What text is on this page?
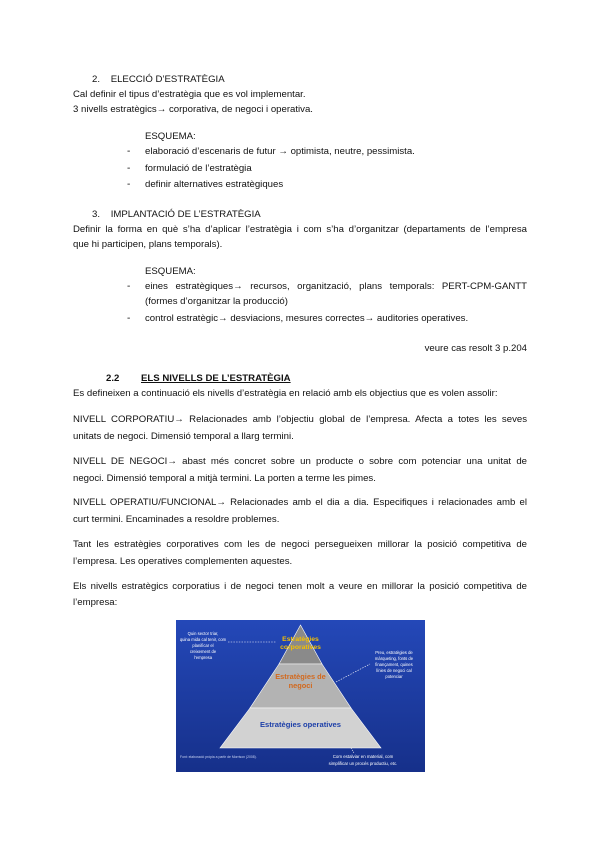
2. ELECCIÓ D’ESTRATÈGIA
Cal definir el tipus d’estratègia que es vol implementar.
3 nivells estratègics→ corporativa, de negoci i operativa.
ESQUEMA:
- elaboració d’escenaris de futur → optimista, neutre, pessimista.
- formulació de l’estratègia
- definir alternatives estratègiques
3. IMPLANTACIÓ DE L’ESTRATÈGIA
Definir la forma en què s’ha d’aplicar l’estratègia i com s’ha d’organitzar (departaments de l’empresa
que hi participen, plans temporals).
ESQUEMA:
- eines estratègiques→ recursos, organització, plans temporals: PERT-CPM-GANTT
(formes d’organitzar la producció)
- control estratègic→ desviacions, mesures correctes→ auditories operatives.
veure cas resolt 3 p.204
2.2 ELS NIVELLS DE L’ESTRATÈGIA
Es defineixen a continuació els nivells d’estratègia en relació amb els objectius que es volen assolir:
NIVELL CORPORATIU→ Relacionades amb l’objectiu global de l’empresa. Afecta a totes les seves
unitats de negoci. Dimensió temporal a llarg termini.
NIVELL DE NEGOCI→ abast més concret sobre un producte o sobre com potenciar una unitat de
negoci. Dimensió temporal a mitjà termini. La porten a terme les pimes.
NIVELL OPERATIU/FUNCIONAL→ Relacionades amb el dia a dia. Especifiques i relacionades amb el
curt termini. Encaminades a resoldre problemes.
Tant les estratègies corporatives com les de negoci persegueixen millorar la posició competitiva de
l’empresa. Les operatives complementen aquestes.
Els nivells estratègics corporatius i de negoci tenen molt a veure en millorar la posició competitiva de
l’empresa:
Estratègies
corporatives
Estratègies de
negoci
Estratègies operatives
Quin sector triar,
quina mida cal tenir, com
planificar el
creixement de
l’empresa
Preu, estratègies de
màrqueting, fonts de
finançament, quines
línies de negoci cal
potenciar
Com estalviar en material, com
simplificar un procés productiu, etc.
Font: elaboració pròpia a partir de Morrison (2008).
